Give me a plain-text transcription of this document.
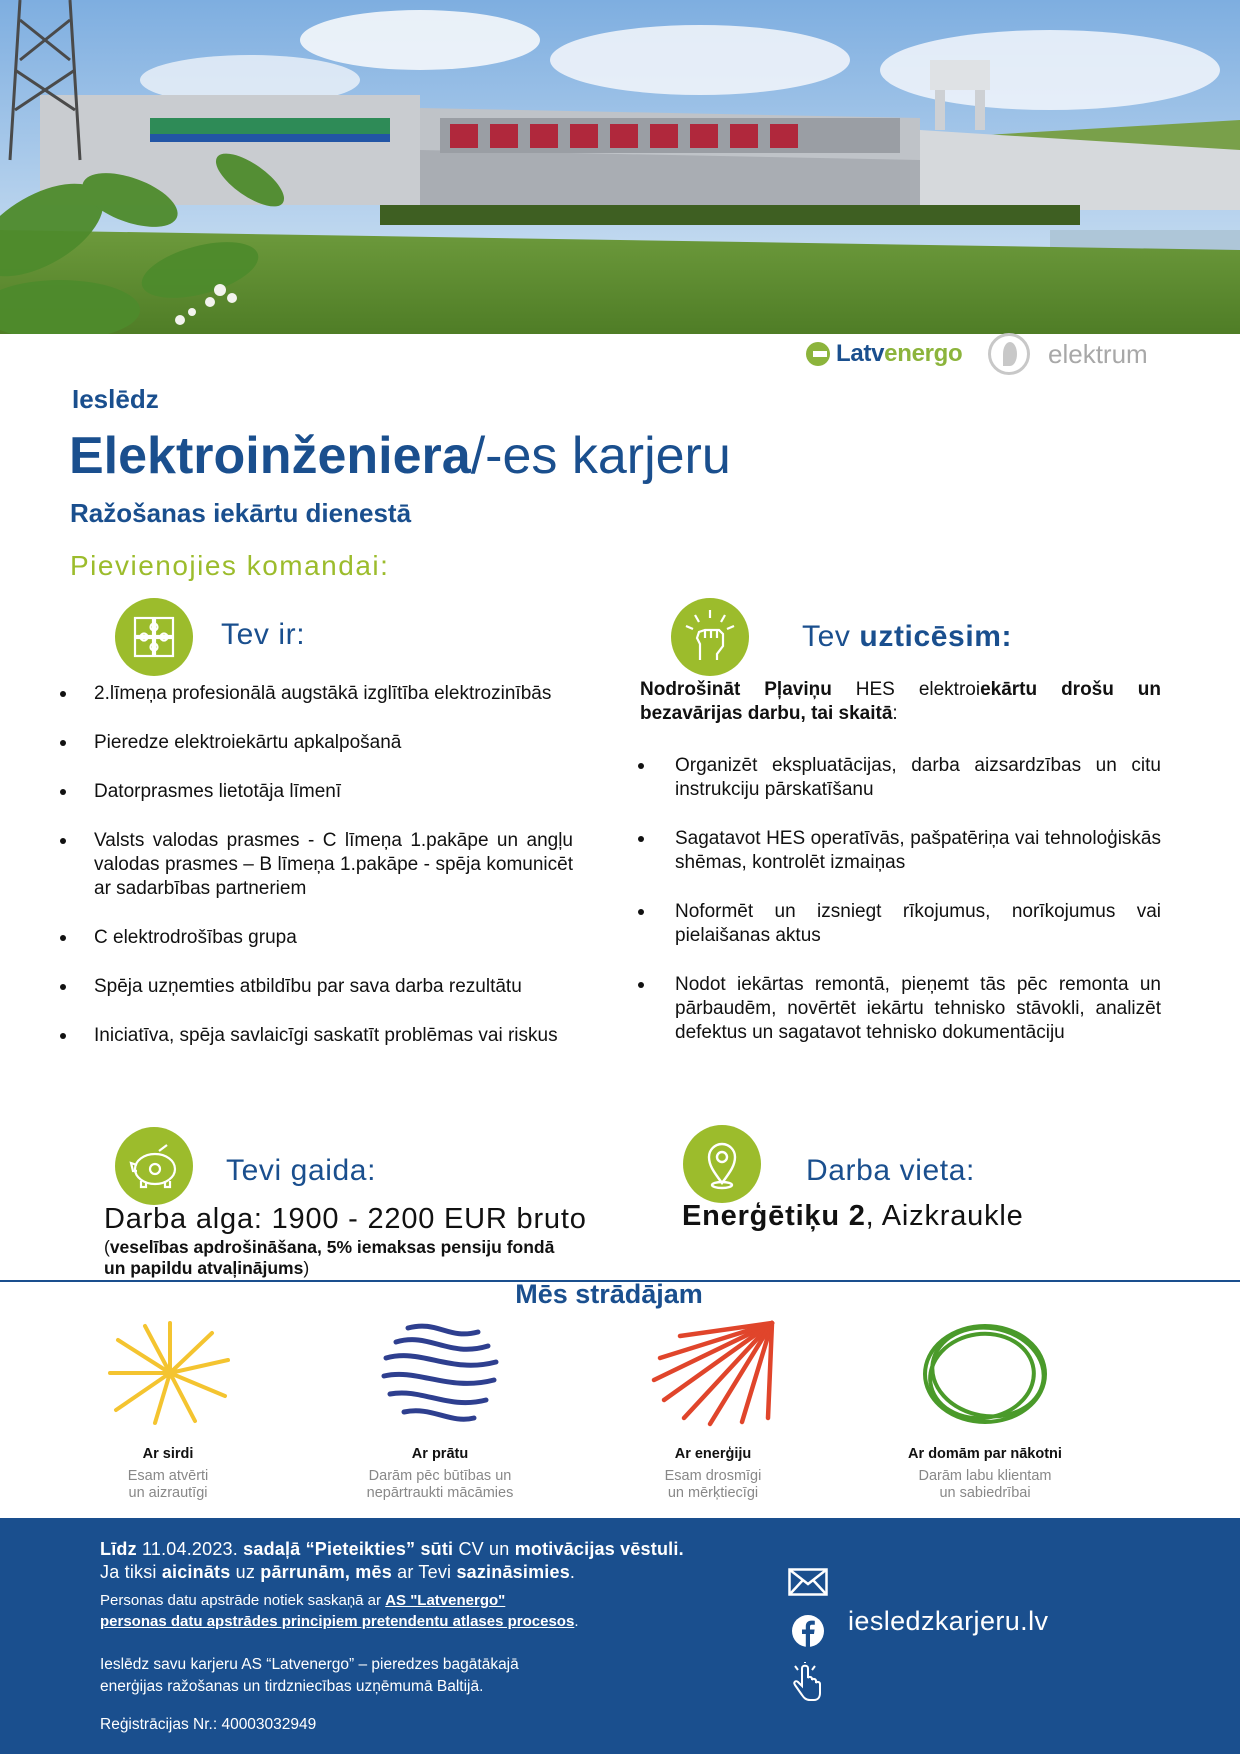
Latvenergo	elektrum
Ieslēdz
Elektroinženiera/-es karjeru
Ražošanas iekārtu dienestā
Pievienojies komandai:
Tev ir:
2.līmeņa profesionālā augstākā izglītība elektrozinībās
Pieredze elektroiekārtu apkalpošanā
Datorprasmes lietotāja līmenī
Valsts valodas prasmes - C līmeņa 1.pakāpe un angļu valodas prasmes – B līmeņa 1.pakāpe - spēja komunicēt ar sadarbības partneriem
C elektrodrošības grupa
Spēja uzņemties atbildību par sava darba rezultātu
Iniciatīva, spēja savlaicīgi saskatīt problēmas vai riskus
Tev uzticēsim:
Nodrošināt Pļaviņu HES elektroiekārtu drošu un bezavārijas darbu, tai skaitā:
Organizēt ekspluatācijas, darba aizsardzības un citu instrukciju pārskatīšanu
Sagatavot HES operatīvās, pašpatēriņa vai tehnoloģiskās shēmas, kontrolēt izmaiņas
Noformēt un izsniegt rīkojumus, norīkojumus vai pielaišanas aktus
Nodot iekārtas remontā, pieņemt tās pēc remonta un pārbaudēm, novērtēt iekārtu tehnisko stāvokli, analizēt defektus un sagatavot tehnisko dokumentāciju
Tevi gaida:
Darba alga: 1900 - 2200 EUR bruto
(veselības apdrošināšana, 5% iemaksas pensiju fondā
un papildu atvaļinājums)
Darba vieta:
Enerģētiķu 2, Aizkraukle
Mēs strādājam
Ar sirdi
Esam atvērti
un aizrautīgi
Ar prātu
Darām pēc būtības un
nepārtraukti mācāmies
Ar enerģiju
Esam drosmīgi
un mērķtiecīgi
Ar domām par nākotni
Darām labu klientam
un sabiedrībai
Līdz 11.04.2023. sadaļā “Pieteikties” sūti CV un motivācijas vēstuli.
Ja tiksi aicināts uz pārrunām, mēs ar Tevi sazināsimies.
Personas datu apstrāde notiek saskaņā ar AS "Latvenergo"
personas datu apstrādes principiem pretendentu atlases procesos.
Ieslēdz savu karjeru AS “Latvenergo” – pieredzes bagātākajā
enerģijas ražošanas un tirdzniecības uzņēmumā Baltijā.
Reģistrācijas Nr.: 40003032949
iesledzkarjeru.lv
